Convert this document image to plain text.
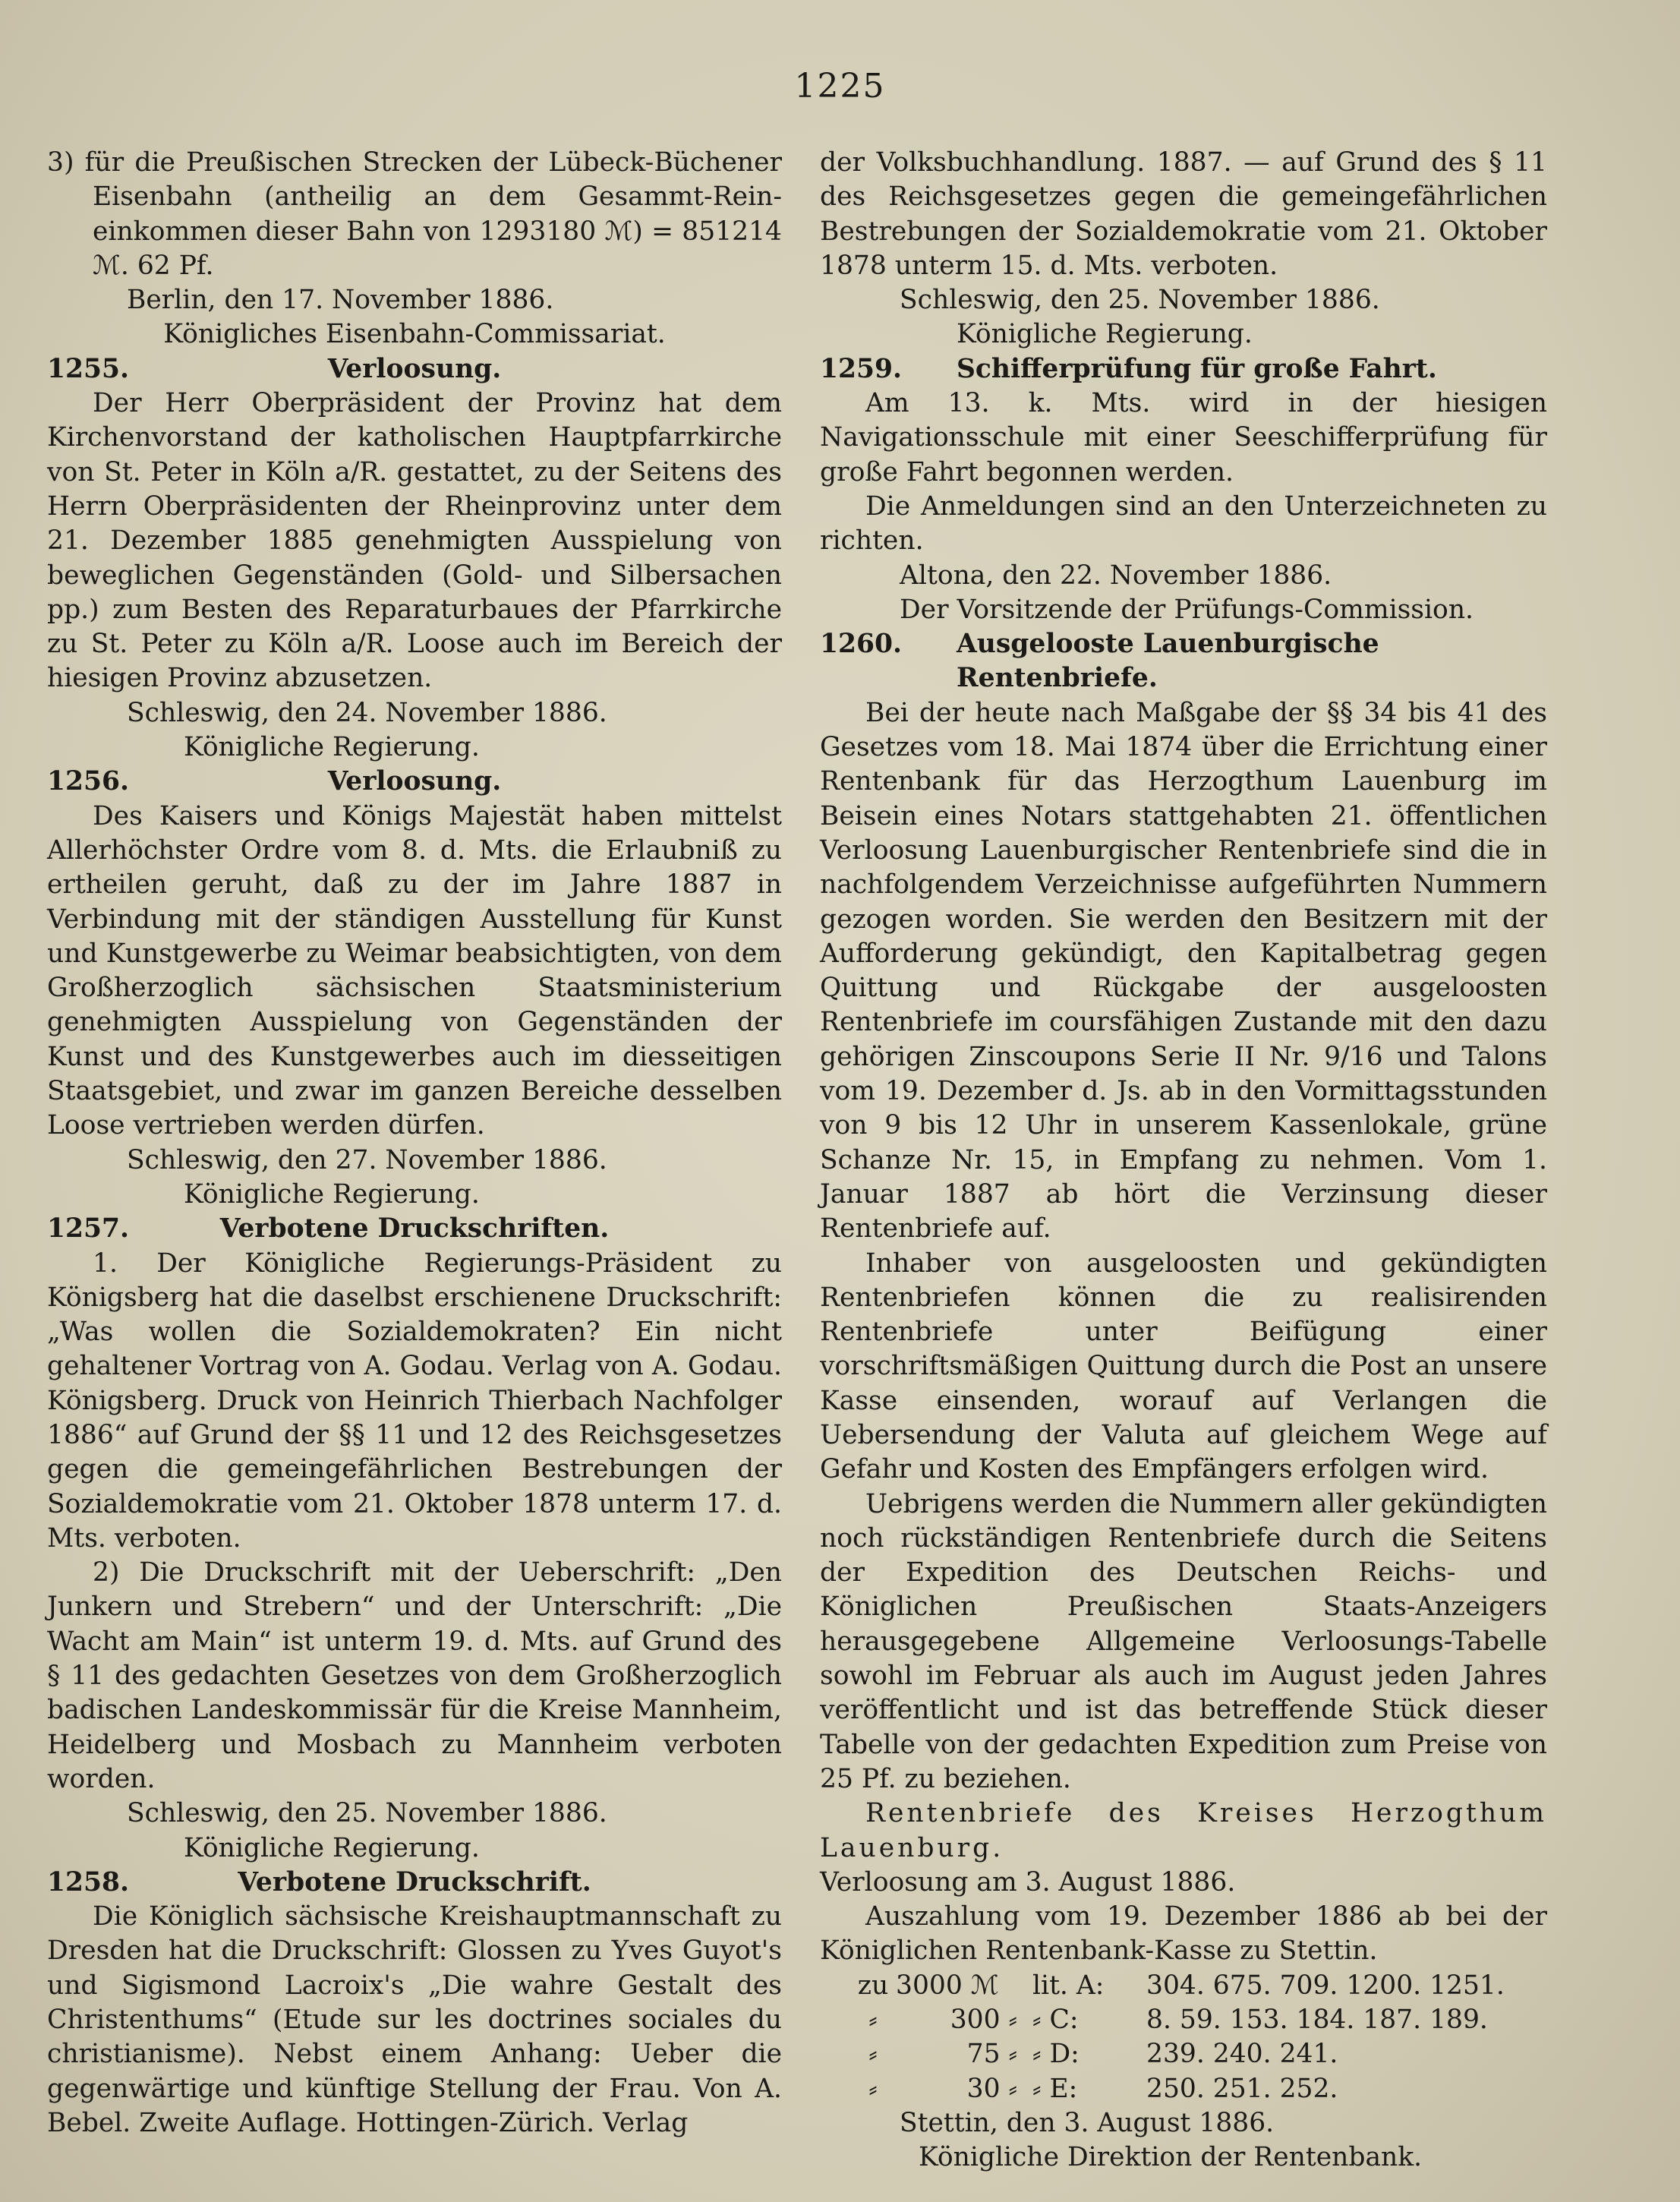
1225

3) für die Preußischen Strecken der Lübeck-Büchener Eisenbahn (antheilig an dem Gesammt-Rein-einkommen dieser Bahn von 1293180 ℳ) = 851214 ℳ. 62 Pf.

Berlin, den 17. November 1886.

Königliches Eisenbahn-Commissariat.

1255.	Verloosung.

Der Herr Oberpräsident der Provinz hat dem Kirchenvorstand der katholischen Hauptpfarrkirche von St. Peter in Köln a/R. gestattet, zu der Seitens des Herrn Oberpräsidenten der Rheinprovinz unter dem 21. Dezember 1885 genehmigten Ausspielung von beweglichen Gegenständen (Gold- und Silbersachen pp.) zum Besten des Reparaturbaues der Pfarrkirche zu St. Peter zu Köln a/R. Loose auch im Bereich der hiesigen Provinz abzusetzen.

Schleswig, den 24. November 1886.

Königliche Regierung.

1256.	Verloosung.

Des Kaisers und Königs Majestät haben mittelst Allerhöchster Ordre vom 8. d. Mts. die Erlaubniß zu ertheilen geruht, daß zu der im Jahre 1887 in Verbindung mit der ständigen Ausstellung für Kunst und Kunstgewerbe zu Weimar beabsichtigten, von dem Großherzoglich sächsischen Staatsministerium genehmigten Ausspielung von Gegenständen der Kunst und des Kunstgewerbes auch im diesseitigen Staatsgebiet, und zwar im ganzen Bereiche desselben Loose vertrieben werden dürfen.

Schleswig, den 27. November 1886.

Königliche Regierung.

1257.	Verbotene Druckschriften.

1. Der Königliche Regierungs-Präsident zu Königsberg hat die daselbst erschienene Druckschrift: „Was wollen die Sozialdemokraten? Ein nicht gehaltener Vortrag von A. Godau. Verlag von A. Godau. Königsberg. Druck von Heinrich Thierbach Nachfolger 1886“ auf Grund der §§ 11 und 12 des Reichsgesetzes gegen die gemeingefährlichen Bestrebungen der Sozialdemokratie vom 21. Oktober 1878 unterm 17. d. Mts. verboten.

2) Die Druckschrift mit der Ueberschrift: „Den Junkern und Strebern“ und der Unterschrift: „Die Wacht am Main“ ist unterm 19. d. Mts. auf Grund des § 11 des gedachten Gesetzes von dem Großherzoglich badischen Landeskommissär für die Kreise Mannheim, Heidelberg und Mosbach zu Mannheim verboten worden.

Schleswig, den 25. November 1886.

Königliche Regierung.

1258.	Verbotene Druckschrift.

Die Königlich sächsische Kreishauptmannschaft zu Dresden hat die Druckschrift: Glossen zu Yves Guyot's und Sigismond Lacroix's „Die wahre Gestalt des Christenthums“ (Etude sur les doctrines sociales du christianisme). Nebst einem Anhang: Ueber die gegenwärtige und künftige Stellung der Frau. Von A. Bebel. Zweite Auflage. Hottingen-Zürich. Verlag

der Volksbuchhandlung. 1887. — auf Grund des § 11 des Reichsgesetzes gegen die gemeingefährlichen Bestrebungen der Sozialdemokratie vom 21. Oktober 1878 unterm 15. d. Mts. verboten.

Schleswig, den 25. November 1886.

Königliche Regierung.

1259.	Schifferprüfung für große Fahrt.

Am 13. k. Mts. wird in der hiesigen Navigationsschule mit einer Seeschifferprüfung für große Fahrt begonnen werden.

Die Anmeldungen sind an den Unterzeichneten zu richten.

Altona, den 22. November 1886.

Der Vorsitzende der Prüfungs-Commission.

1260.	Ausgelooste Lauenburgische Rentenbriefe.

Bei der heute nach Maßgabe der §§ 34 bis 41 des Gesetzes vom 18. Mai 1874 über die Errichtung einer Rentenbank für das Herzogthum Lauenburg im Beisein eines Notars stattgehabten 21. öffentlichen Verloosung Lauenburgischer Rentenbriefe sind die in nachfolgendem Verzeichnisse aufgeführten Nummern gezogen worden. Sie werden den Besitzern mit der Aufforderung gekündigt, den Kapitalbetrag gegen Quittung und Rückgabe der ausgeloosten Rentenbriefe im coursfähigen Zustande mit den dazu gehörigen Zinscoupons Serie II Nr. 9/16 und Talons vom 19. Dezember d. Js. ab in den Vormittagsstunden von 9 bis 12 Uhr in unserem Kassenlokale, grüne Schanze Nr. 15, in Empfang zu nehmen. Vom 1. Januar 1887 ab hört die Verzinsung dieser Rentenbriefe auf.

Inhaber von ausgeloosten und gekündigten Rentenbriefen können die zu realisirenden Rentenbriefe unter Beifügung einer vorschriftsmäßigen Quittung durch die Post an unsere Kasse einsenden, worauf auf Verlangen die Uebersendung der Valuta auf gleichem Wege auf Gefahr und Kosten des Empfängers erfolgen wird.

Uebrigens werden die Nummern aller gekündigten noch rückständigen Rentenbriefe durch die Seitens der Expedition des Deutschen Reichs- und Königlichen Preußischen Staats-Anzeigers herausgegebene Allgemeine Verloosungs-Tabelle sowohl im Februar als auch im August jeden Jahres veröffentlicht und ist das betreffende Stück dieser Tabelle von der gedachten Expedition zum Preise von 25 Pf. zu beziehen.

Rentenbriefe des Kreises Herzogthum Lauenburg.

Verloosung am 3. August 1886.

Auszahlung vom 19. Dezember 1886 ab bei der Königlichen Rentenbank-Kasse zu Stettin.

zu 3000 ℳ	lit. A:	304. 675. 709. 1200. 1251.
⸗	300 ⸗ ⸗ C:	8. 59. 153. 184. 187. 189.
⸗	75 ⸗ ⸗ D:	239. 240. 241.
⸗	30 ⸗ ⸗ E:	250. 251. 252.

Stettin, den 3. August 1886.

Königliche Direktion der Rentenbank.
